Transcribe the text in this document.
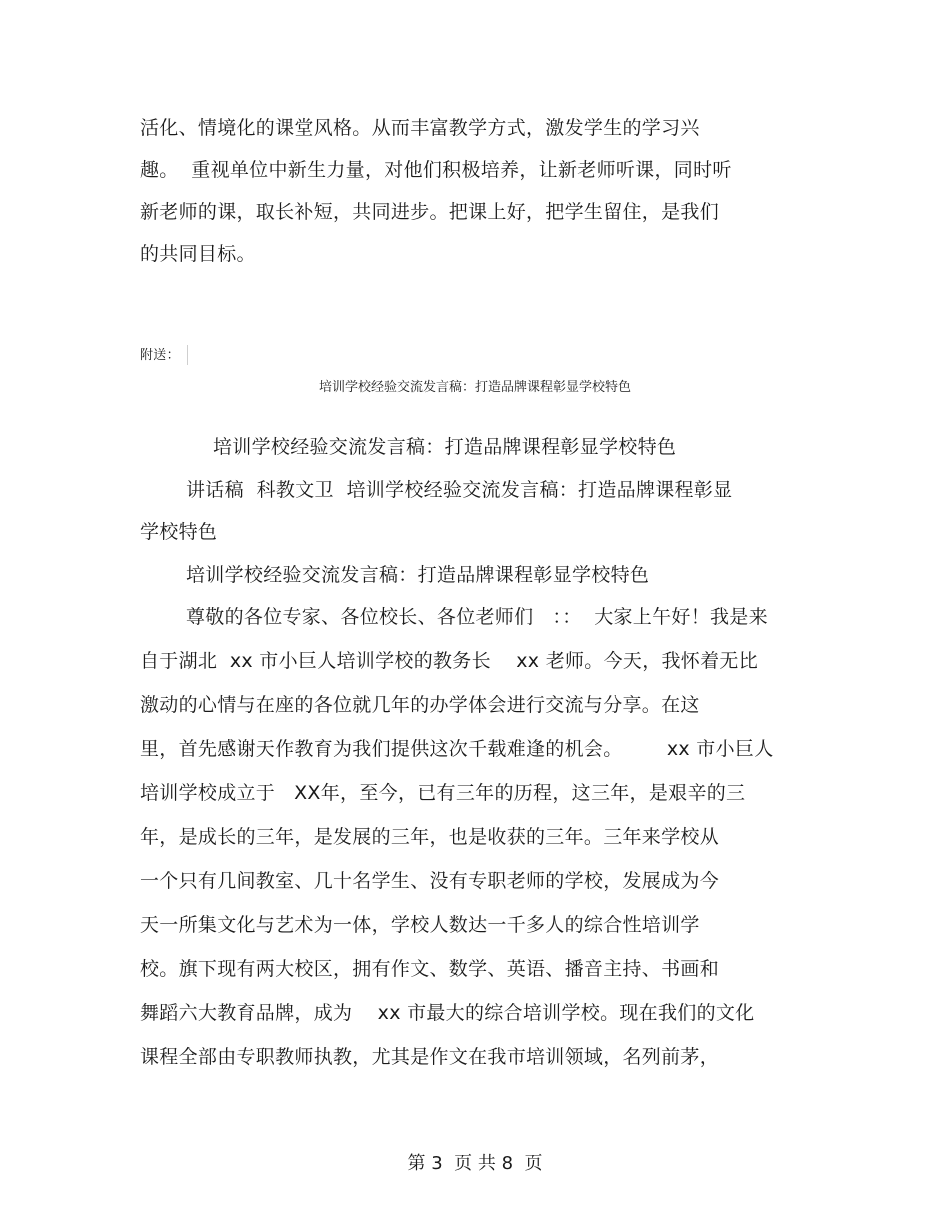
活化、情境化的课堂风格。从而丰富教学方式，激发学生的学习兴
趣。  重视单位中新生力量，对他们积极培养，让新老师听课，同时听
新老师的课，取长补短，共同进步。把课上好，把学生留住，是我们
的共同目标。
附送：
培训学校经验交流发言稿：打造品牌课程彰显学校特色
培训学校经验交流发言稿：打造品牌课程彰显学校特色
讲话稿  科教文卫  培训学校经验交流发言稿：打造品牌课程彰显
学校特色
培训学校经验交流发言稿：打造品牌课程彰显学校特色
尊敬的各位专家、各位校长、各位老师们   ：：  大家上午好！我是来
自于湖北  xx 市小巨人培训学校的教务长    xx 老师。今天，我怀着无比
激动的心情与在座的各位就几年的办学体会进行交流与分享。在这
里，首先感谢天作教育为我们提供这次千载难逢的机会。       xx 市小巨人
培训学校成立于   XX年，至今，已有三年的历程，这三年，是艰辛的三
年，是成长的三年，是发展的三年，也是收获的三年。三年来学校从
一个只有几间教室、几十名学生、没有专职老师的学校，发展成为今
天一所集文化与艺术为一体，学校人数达一千多人的综合性培训学
校。旗下现有两大校区，拥有作文、数学、英语、播音主持、书画和
舞蹈六大教育品牌，成为    xx 市最大的综合培训学校。现在我们的文化
课程全部由专职教师执教，尤其是作文在我市培训领域，名列前茅，
第 3  页 共 8  页
